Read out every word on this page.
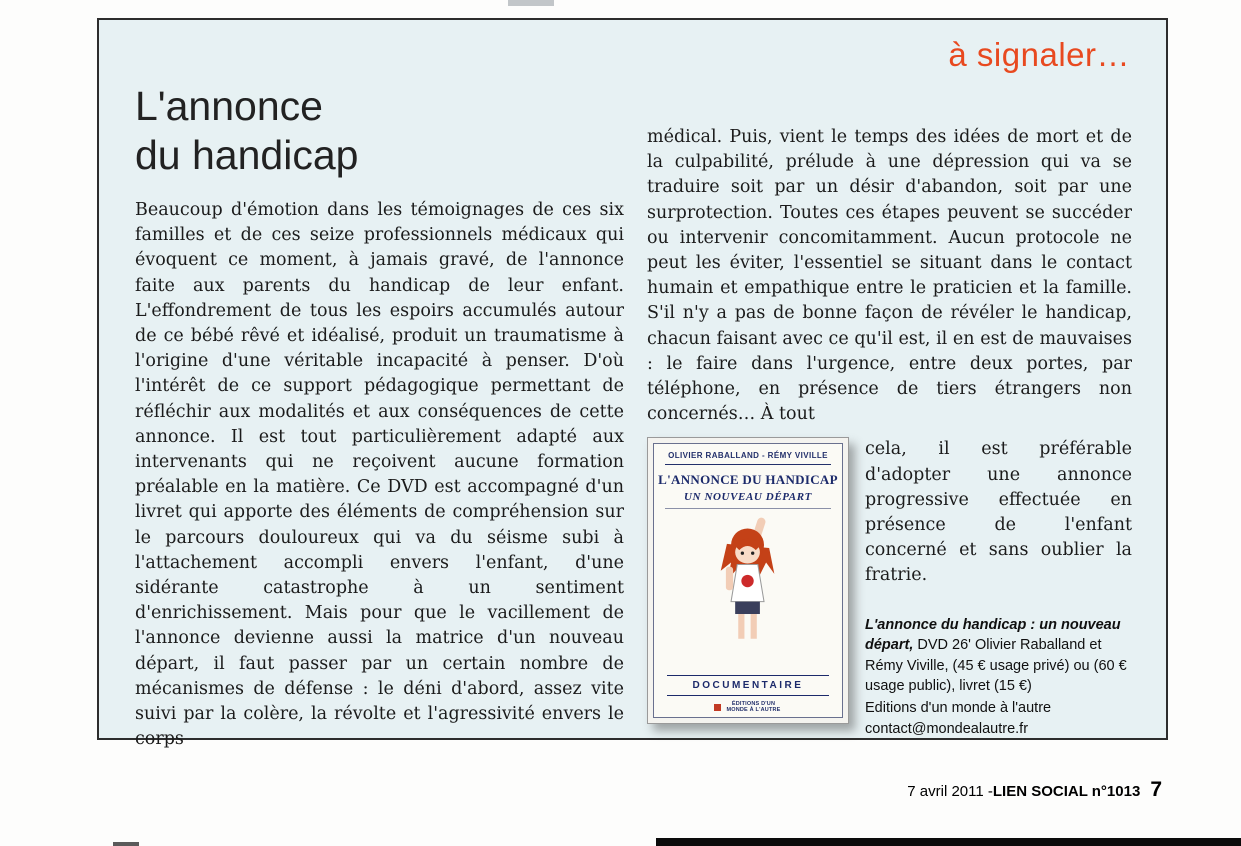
à signaler…
L'annonce
du handicap
Beaucoup d'émotion dans les témoignages de ces six familles et de ces seize professionnels médicaux qui évoquent ce moment, à jamais gravé, de l'annonce faite aux parents du handicap de leur enfant. L'effondrement de tous les espoirs accumulés autour de ce bébé rêvé et idéalisé, produit un traumatisme à l'origine d'une véritable incapacité à penser. D'où l'intérêt de ce support pédagogique permettant de réfléchir aux modalités et aux conséquences de cette annonce. Il est tout particulièrement adapté aux intervenants qui ne reçoivent aucune formation préalable en la matière. Ce DVD est accompagné d'un livret qui apporte des éléments de compréhension sur le parcours douloureux qui va du séisme subi à l'attachement accompli envers l'enfant, d'une sidérante catastrophe à un sentiment d'enrichissement. Mais pour que le vacillement de l'annonce devienne aussi la matrice d'un nouveau départ, il faut passer par un certain nombre de mécanismes de défense : le déni d'abord, assez vite suivi par la colère, la révolte et l'agressivité envers le corps

médical. Puis, vient le temps des idées de mort et de la culpabilité, prélude à une dépression qui va se traduire soit par un désir d'abandon, soit par une surprotection. Toutes ces étapes peuvent se succéder ou intervenir concomitamment. Aucun protocole ne peut les éviter, l'essentiel se situant dans le contact humain et empathique entre le praticien et la famille. S'il n'y a pas de bonne façon de révéler le handicap, chacun faisant avec ce qu'il est, il en est de mauvaises : le faire dans l'urgence, entre deux portes, par téléphone, en présence de tiers étrangers non concernés… À tout

OLIVIER RABALLAND - RÉMY VIVILLE
L'ANNONCE DU HANDICAP
UN NOUVEAU DÉPART
DOCUMENTAIRE
ÉDITIONS D'UN MONDE À L'AUTRE

cela, il est préférable d'adopter une annonce progressive effectuée en présence de l'enfant concerné et sans oublier la fratrie.

L'annonce du handicap : un nouveau départ, DVD 26' Olivier Raballand et Rémy Viville, (45 € usage privé) ou (60 € usage public), livret (15 €)
Editions d'un monde à l'autre
contact@mondealautre.fr
7 avril 2011 - LIEN SOCIAL n°1013 7
